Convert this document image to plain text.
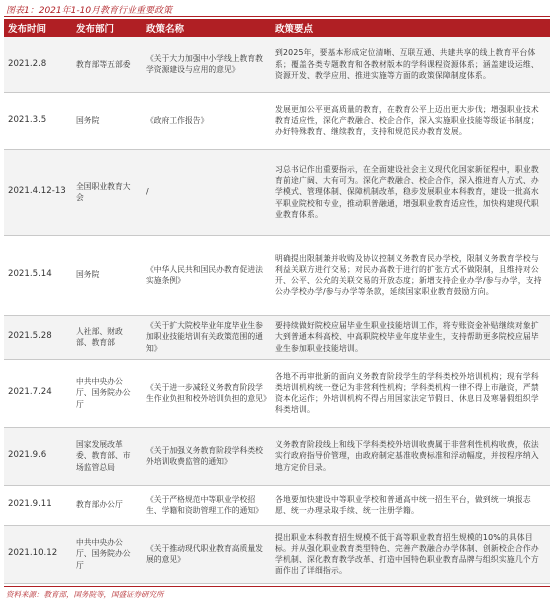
图表1：2021年1-10月教育行业重要政策
发布时间	发布部门	政策名称	政策要点
2021.2.8	教育部等五部委	《关于大力加强中小学线上教育教学资源建设与应用的意见》	到2025年，要基本形成定位清晰、互联互通、共建共享的线上教育平台体系；覆盖各类专题教育和各教材版本的学科课程资源体系；涵盖建设运维、资源开发、教学应用、推进实施等方面的政策保障制度体系。
2021.3.5	国务院	《政府工作报告》	发展更加公平更高质量的教育，在教育公平上迈出更大步伐；增强职业技术教育适应性，深化产教融合、校企合作，深入实施职业技能等级证书制度；办好特殊教育、继续教育，支持和规范民办教育发展。
2021.4.12-13	全国职业教育大会	/	习总书记作出重要指示，在全面建设社会主义现代化国家新征程中，职业教育前途广阔、大有可为。深化产教融合、校企合作，深入推进育人方式、办学模式、管理体制、保障机制改革，稳步发展职业本科教育，建设一批高水平职业院校和专业，推动职普融通，增强职业教育适应性，加快构建现代职业教育体系。
2021.5.14	国务院	《中华人民共和国民办教育促进法实施条例》	明确提出限制兼并收购及协议控制义务教育民办学校，限制义务教育学校与利益关联方进行交易；对民办高教于进行的扩张方式不做限制，且维持对公开、公平、公允的关联交易的开放态度；新增支持企业办学/参与办学，支持公办学校办学/参与办学等条款，延续国家职业教育鼓励方向。
2021.5.28	人社部、财政部、教育部	《关于扩大院校毕业年度毕业生参加职业技能培训有关政策范围的通知》	要持续做好院校应届毕业生职业技能培训工作，将专账资金补贴继续对象扩大到普通本科高校、中高职院校毕业年度毕业生，支持帮助更多院校应届毕业生参加职业技能培训。
2021.7.24	中共中央办公厅、国务院办公厅	《关于进一步减轻义务教育阶段学生作业负担和校外培训负担的意见》	各地不再审批新的面向义务教育阶段学生的学科类校外培训机构；现有学科类培训机构统一登记为非营利性机构；学科类机构一律不得上市融资，严禁资本化运作；外培训机构不得占用国家法定节假日、休息日及寒暑假组织学科类培训。
2021.9.6	国家发展改革委、教育部、市场监管总局	《关于加强义务教育阶段学科类校外培训收费监管的通知》	义务教育阶段线上和线下学科类校外培训收费属于非营利性机构收费，依法实行政府指导价管理，由政府制定基准收费标准和浮动幅度，并按程序纳入地方定价目录。
2021.9.11	教育部办公厅	《关于严格规范中等职业学校招生、学籍和资助管理工作的通知》	各地要加快建设中等职业学校和普通高中统一招生平台，做到统一填报志愿、统一办理录取手续、统一注册学籍。
2021.10.12	中共中央办公厅、国务院办公厅	《关于推动现代职业教育高质量发展的意见》	提出职业本科教育招生规模不低于高等职业教育招生规模的10%的具体目标。并从强化职业教育类型特色、完善产教融合办学体制、创新校企合作办学机制、深化教育教学改革、打造中国特色职业教育品牌与组织实施几个方面作出了详细指示。
资料来源：教育部，国务院等，国盛证券研究所
